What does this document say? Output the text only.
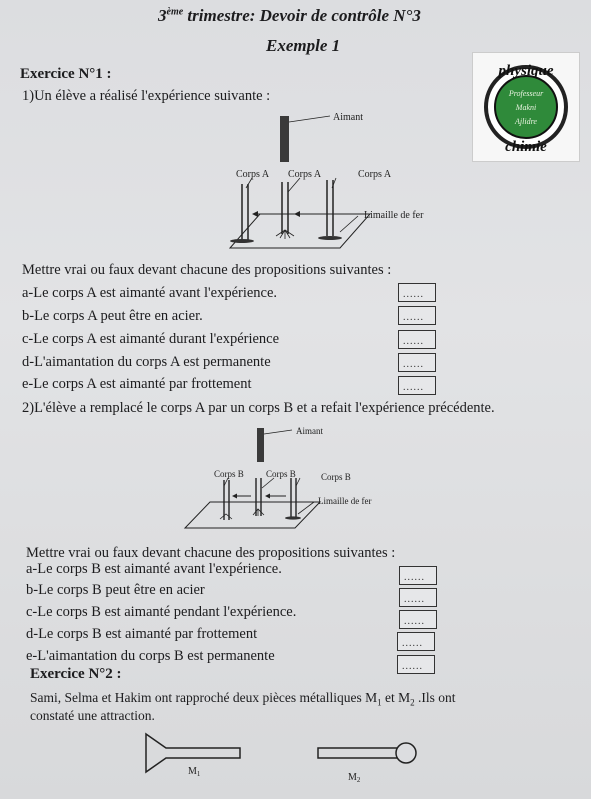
3ème trimestre: Devoir de contrôle N°3
Exemple 1
physique
chimie
Professeur
Makni
Ajlidre
Exercice N°1 :
1)Un élève a réalisé l'expérience suivante :
Aimant
Corps A Corps A	Corps A
Limaille de fer
Mettre vrai ou faux devant chacune des propositions suivantes :
a-Le corps A est aimanté avant l'expérience.
......
b-Le corps A peut être en acier.
......
c-Le corps A est aimanté durant l'expérience
......
d-L'aimantation du corps A est permanente
......
e-Le corps A est aimanté par frottement
......
2)L'élève a remplacé le corps A par un corps B et a refait l'expérience précédente.
Aimant
Corps B Corps B	Corps B
Limaille de fer
Mettre vrai ou faux devant chacune des propositions suivantes :
a-Le corps B est aimanté avant l'expérience.
......
b-Le corps B peut être en acier
......
c-Le corps B est aimanté pendant l'expérience.
......
d-Le corps B est aimanté par frottement
......
e-L'aimantation du corps B est permanente
......
Exercice N°2 :
Sami, Selma et Hakim ont rapproché deux pièces métalliques $M_1$ et $M_2$ .Ils ont
constaté une attraction.
$M_1$	$M_2$
